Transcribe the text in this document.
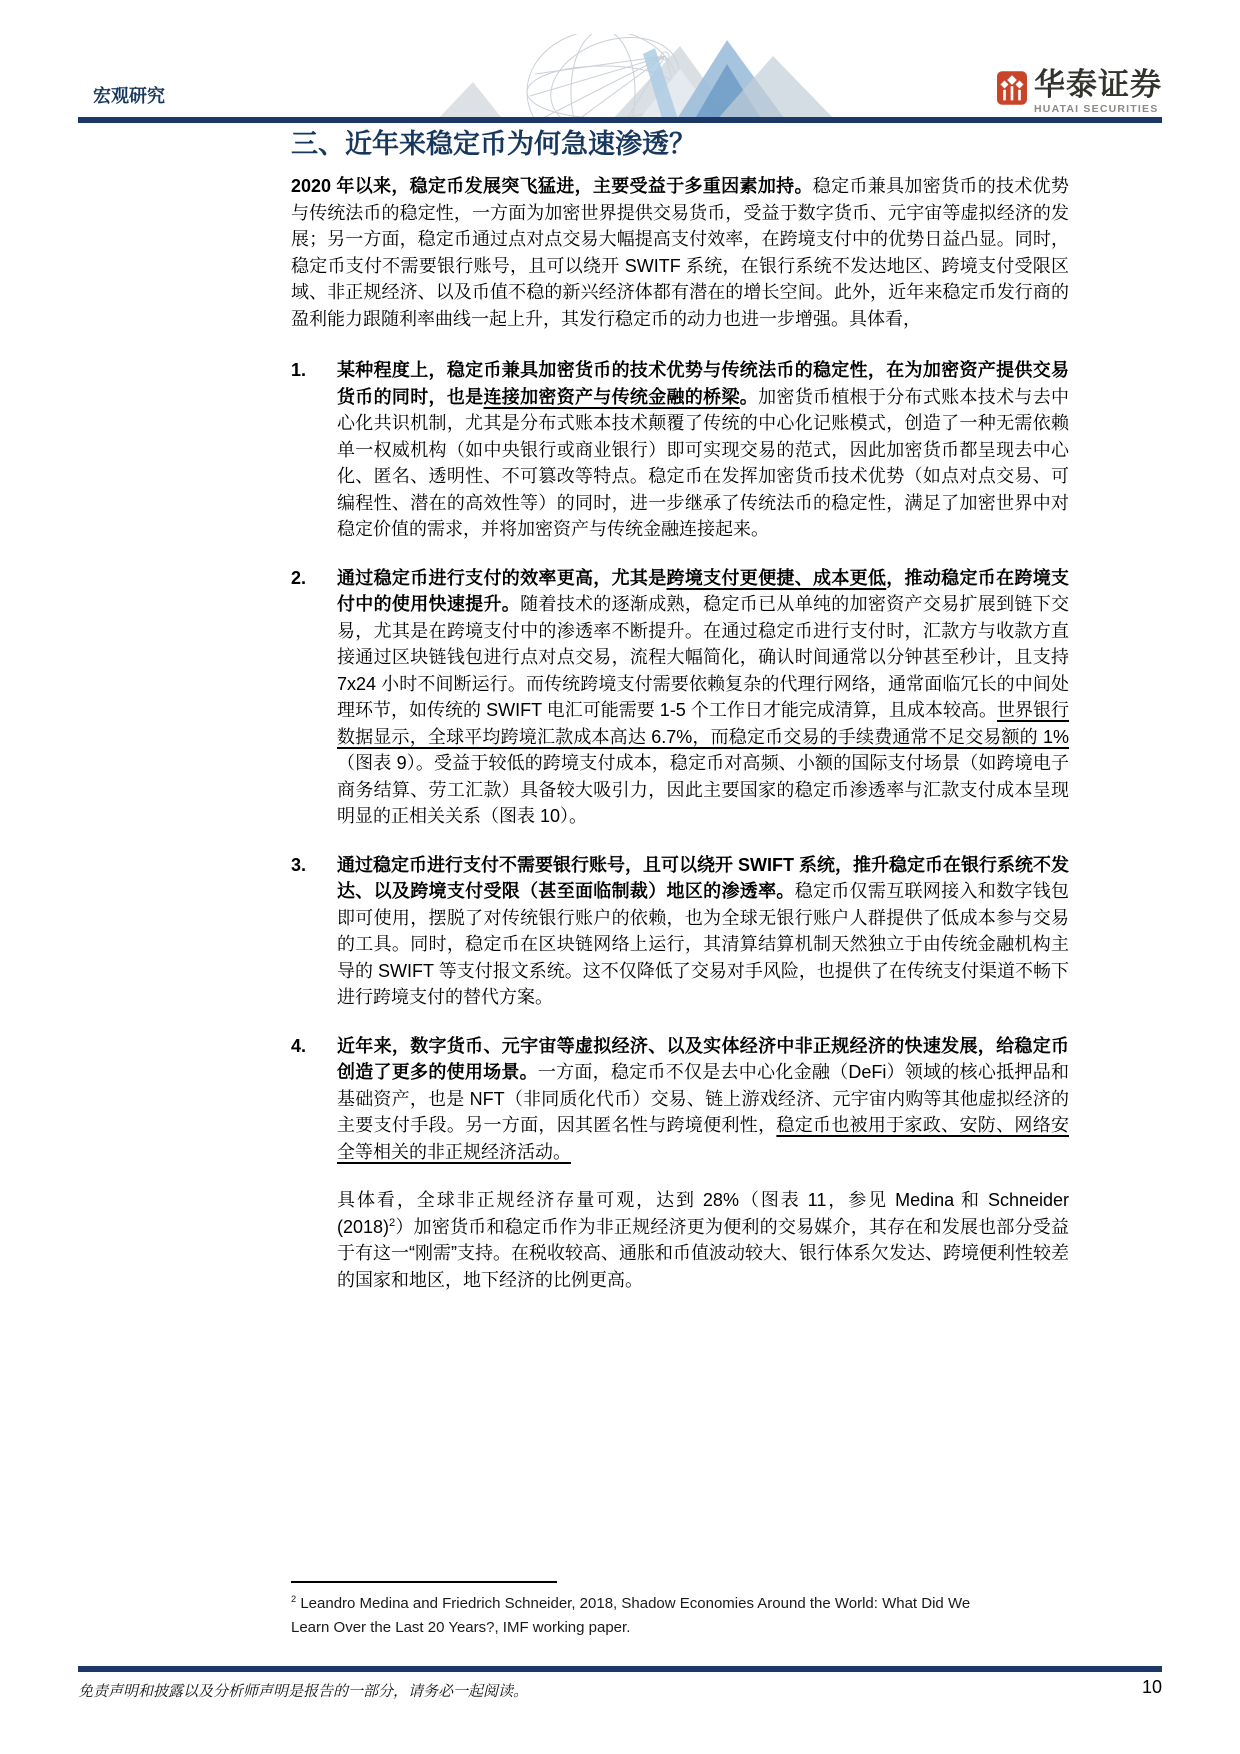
宏观研究	华泰证券
HUATAI SECURITIES
三、近年来稳定币为何急速渗透？

2020 年以来，稳定币发展突飞猛进，主要受益于多重因素加持。稳定币兼具加密货币的技术优势与传统法币的稳定性，一方面为加密世界提供交易货币，受益于数字货币、元宇宙等虚拟经济的发展；另一方面，稳定币通过点对点交易大幅提高支付效率，在跨境支付中的优势日益凸显。同时，稳定币支付不需要银行账号，且可以绕开 SWITF 系统，在银行系统不发达地区、跨境支付受限区域、非正规经济、以及币值不稳的新兴经济体都有潜在的增长空间。此外，近年来稳定币发行商的盈利能力跟随利率曲线一起上升，其发行稳定币的动力也进一步增强。具体看，

1.	某种程度上，稳定币兼具加密货币的技术优势与传统法币的稳定性，在为加密资产提供交易货币的同时，也是连接加密资产与传统金融的桥梁。加密货币植根于分布式账本技术与去中心化共识机制，尤其是分布式账本技术颠覆了传统的中心化记账模式，创造了一种无需依赖单一权威机构（如中央银行或商业银行）即可实现交易的范式，因此加密货币都呈现去中心化、匿名、透明性、不可篡改等特点。稳定币在发挥加密货币技术优势（如点对点交易、可编程性、潜在的高效性等）的同时，进一步继承了传统法币的稳定性，满足了加密世界中对稳定价值的需求，并将加密资产与传统金融连接起来。
2.	通过稳定币进行支付的效率更高，尤其是跨境支付更便捷、成本更低，推动稳定币在跨境支付中的使用快速提升。随着技术的逐渐成熟，稳定币已从单纯的加密资产交易扩展到链下交易，尤其是在跨境支付中的渗透率不断提升。在通过稳定币进行支付时，汇款方与收款方直接通过区块链钱包进行点对点交易，流程大幅简化，确认时间通常以分钟甚至秒计，且支持 7x24 小时不间断运行。而传统跨境支付需要依赖复杂的代理行网络，通常面临冗长的中间处理环节，如传统的 SWIFT 电汇可能需要 1-5 个工作日才能完成清算，且成本较高。世界银行数据显示，全球平均跨境汇款成本高达 6.7%，而稳定币交易的手续费通常不足交易额的 1%（图表 9）。受益于较低的跨境支付成本，稳定币对高频、小额的国际支付场景（如跨境电子商务结算、劳工汇款）具备较大吸引力，因此主要国家的稳定币渗透率与汇款支付成本呈现明显的正相关关系（图表 10）。
3.	通过稳定币进行支付不需要银行账号，且可以绕开 SWIFT 系统，推升稳定币在银行系统不发达、以及跨境支付受限（甚至面临制裁）地区的渗透率。稳定币仅需互联网接入和数字钱包即可使用，摆脱了对传统银行账户的依赖，也为全球无银行账户人群提供了低成本参与交易的工具。同时，稳定币在区块链网络上运行，其清算结算机制天然独立于由传统金融机构主导的 SWIFT 等支付报文系统。这不仅降低了交易对手风险，也提供了在传统支付渠道不畅下进行跨境支付的替代方案。
4.	近年来，数字货币、元宇宙等虚拟经济、以及实体经济中非正规经济的快速发展，给稳定币创造了更多的使用场景。一方面，稳定币不仅是去中心化金融（DeFi）领域的核心抵押品和基础资产，也是 NFT（非同质化代币）交易、链上游戏经济、元宇宙内购等其他虚拟经济的主要支付手段。另一方面，因其匿名性与跨境便利性，稳定币也被用于家政、安防、网络安全等相关的非正规经济活动。

具体看，全球非正规经济存量可观，达到 28%（图表 11，参见 Medina 和 Schneider $(2018)^2$）加密货币和稳定币作为非正规经济更为便利的交易媒介，其存在和发展也部分受益于有这一“刚需”支持。在税收较高、通胀和币值波动较大、银行体系欠发达、跨境便利性较差的国家和地区，地下经济的比例更高。

$^2$ Leandro Medina and Friedrich Schneider, 2018, Shadow Economies Around the World: What Did We Learn Over the Last 20 Years?, IMF working paper.

免责声明和披露以及分析师声明是报告的一部分，请务必一起阅读。	10
